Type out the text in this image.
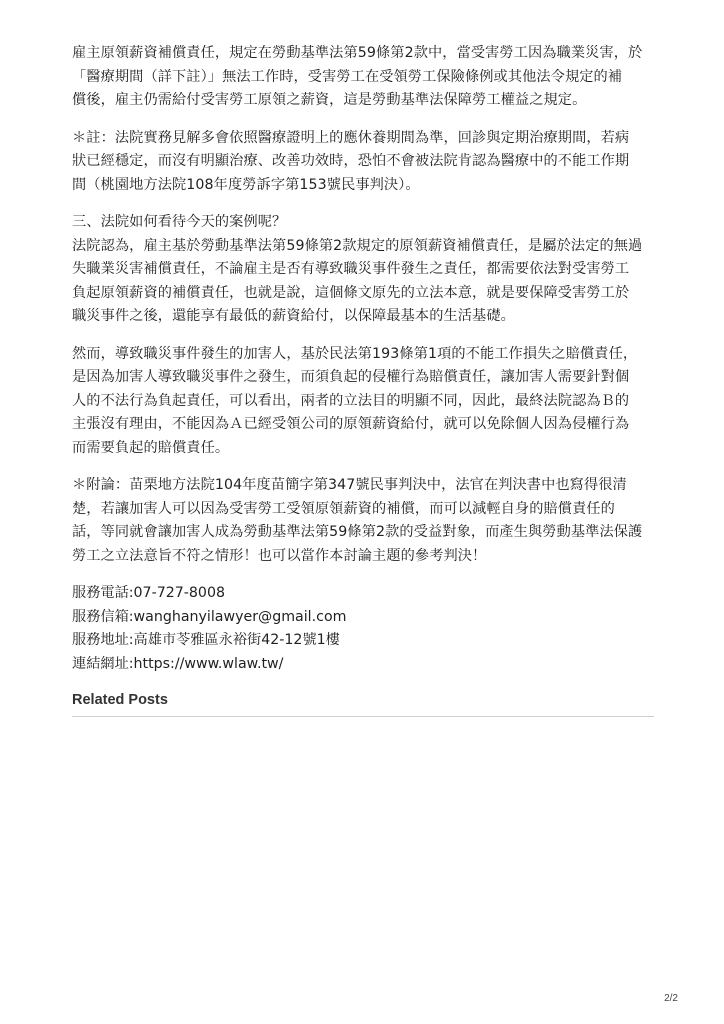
雇主原領薪資補償責任，規定在勞動基準法第59條第2款中，當受害勞工因為職業災害，於
「醫療期間（詳下註）」無法工作時，受害勞工在受領勞工保險條例或其他法令規定的補
償後，雇主仍需給付受害勞工原領之薪資，這是勞動基準法保障勞工權益之規定。

＊註：法院實務見解多會依照醫療證明上的應休養期間為準，回診與定期治療期間，若病
狀已經穩定，而沒有明顯治療、改善功效時，恐怕不會被法院肯認為醫療中的不能工作期
間（桃園地方法院108年度勞訴字第153號民事判決）。

三、法院如何看待今天的案例呢？
法院認為，雇主基於勞動基準法第59條第2款規定的原領薪資補償責任，是屬於法定的無過
失職業災害補償責任，不論雇主是否有導致職災事件發生之責任，都需要依法對受害勞工
負起原領薪資的補償責任，也就是說，這個條文原先的立法本意，就是要保障受害勞工於
職災事件之後，還能享有最低的薪資給付，以保障最基本的生活基礎。

然而，導致職災事件發生的加害人，基於民法第193條第1項的不能工作損失之賠償責任，
是因為加害人導致職災事件之發生，而須負起的侵權行為賠償責任，讓加害人需要針對個
人的不法行為負起責任，可以看出，兩者的立法目的明顯不同，因此，最終法院認為Ｂ的
主張沒有理由，不能因為Ａ已經受領公司的原領薪資給付，就可以免除個人因為侵權行為
而需要負起的賠償責任。

＊附論：苗栗地方法院104年度苗簡字第347號民事判決中，法官在判決書中也寫得很清
楚，若讓加害人可以因為受害勞工受領原領薪資的補償，而可以減輕自身的賠償責任的
話，等同就會讓加害人成為勞動基準法第59條第2款的受益對象，而產生與勞動基準法保護
勞工之立法意旨不符之情形！也可以當作本討論主題的參考判決！

服務電話:07-727-8008
服務信箱:wanghanyilawyer@gmail.com
服務地址:高雄市苓雅區永裕街42-12號1樓
連結網址:https://www.wlaw.tw/
Related Posts
2/2
